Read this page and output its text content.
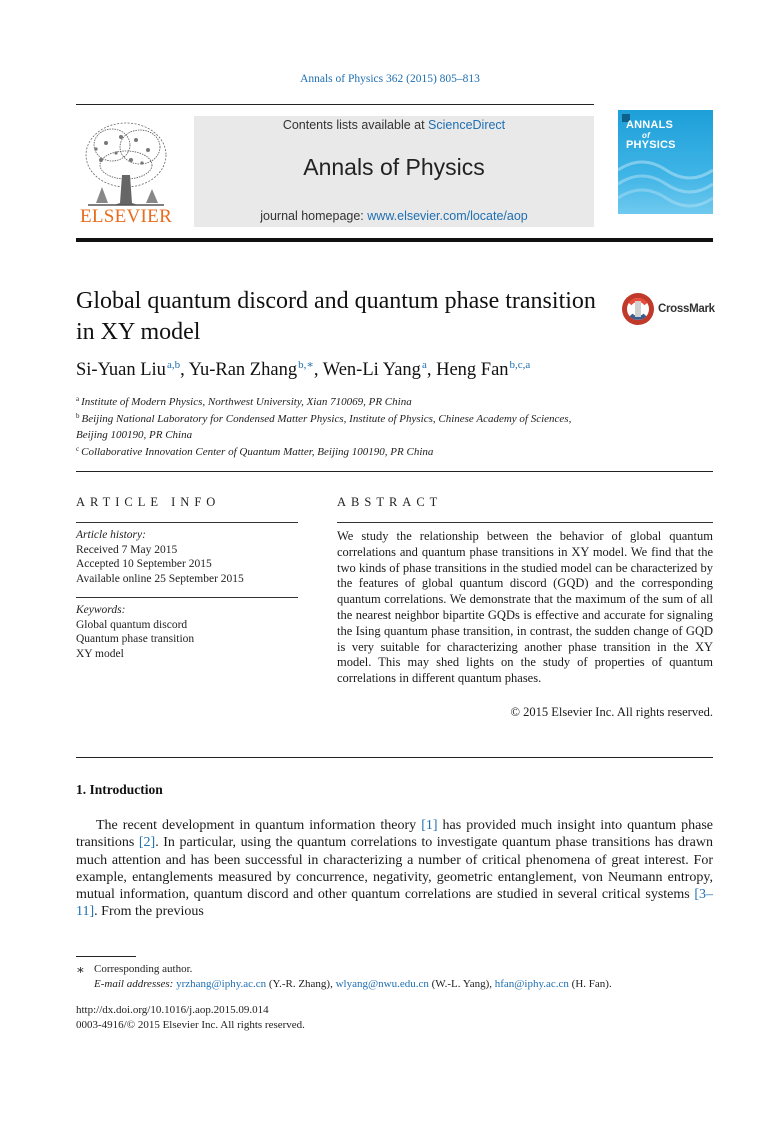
Annals of Physics 362 (2015) 805–813
ELSEVIER
Contents lists available at ScienceDirect
Annals of Physics
journal homepage: www.elsevier.com/locate/aop
ANNALS
of
PHYSICS
Global quantum discord and quantum phase transition in XY model
CrossMark
Si-Yuan Liu$^{a,b}$, Yu-Ran Zhang$^{b,∗}$, Wen-Li Yang$^a$, Heng Fan$^{b,c,a}$
$^a$ Institute of Modern Physics, Northwest University, Xian 710069, PR China
$^b$ Beijing National Laboratory for Condensed Matter Physics, Institute of Physics, Chinese Academy of Sciences, Beijing 100190, PR China
$^c$ Collaborative Innovation Center of Quantum Matter, Beijing 100190, PR China
ARTICLE INFO
Article history:
Received 7 May 2015
Accepted 10 September 2015
Available online 25 September 2015
Keywords:
Global quantum discord
Quantum phase transition
XY model
ABSTRACT
We study the relationship between the behavior of global quantum correlations and quantum phase transitions in XY model. We find that the two kinds of phase transitions in the studied model can be characterized by the features of global quantum discord (GQD) and the corresponding quantum correlations. We demonstrate that the maximum of the sum of all the nearest neighbor bipartite GQDs is effective and accurate for signaling the Ising quantum phase transition, in contrast, the sudden change of GQD is very suitable for characterizing another phase transition in the XY model. This may shed lights on the study of properties of quantum correlations in different quantum phases.
© 2015 Elsevier Inc. All rights reserved.
1. Introduction
The recent development in quantum information theory [1] has provided much insight into quantum phase transitions [2]. In particular, using the quantum correlations to investigate quantum phase transitions has drawn much attention and has been successful in characterizing a number of critical phenomena of great interest. For example, entanglements measured by concurrence, negativity, geometric entanglement, von Neumann entropy, mutual information, quantum discord and other quantum correlations are studied in several critical systems [3–11]. From the previous
∗ Corresponding author.
E-mail addresses: yrzhang@iphy.ac.cn (Y.-R. Zhang), wlyang@nwu.edu.cn (W.-L. Yang), hfan@iphy.ac.cn (H. Fan).
http://dx.doi.org/10.1016/j.aop.2015.09.014
0003-4916/© 2015 Elsevier Inc. All rights reserved.
